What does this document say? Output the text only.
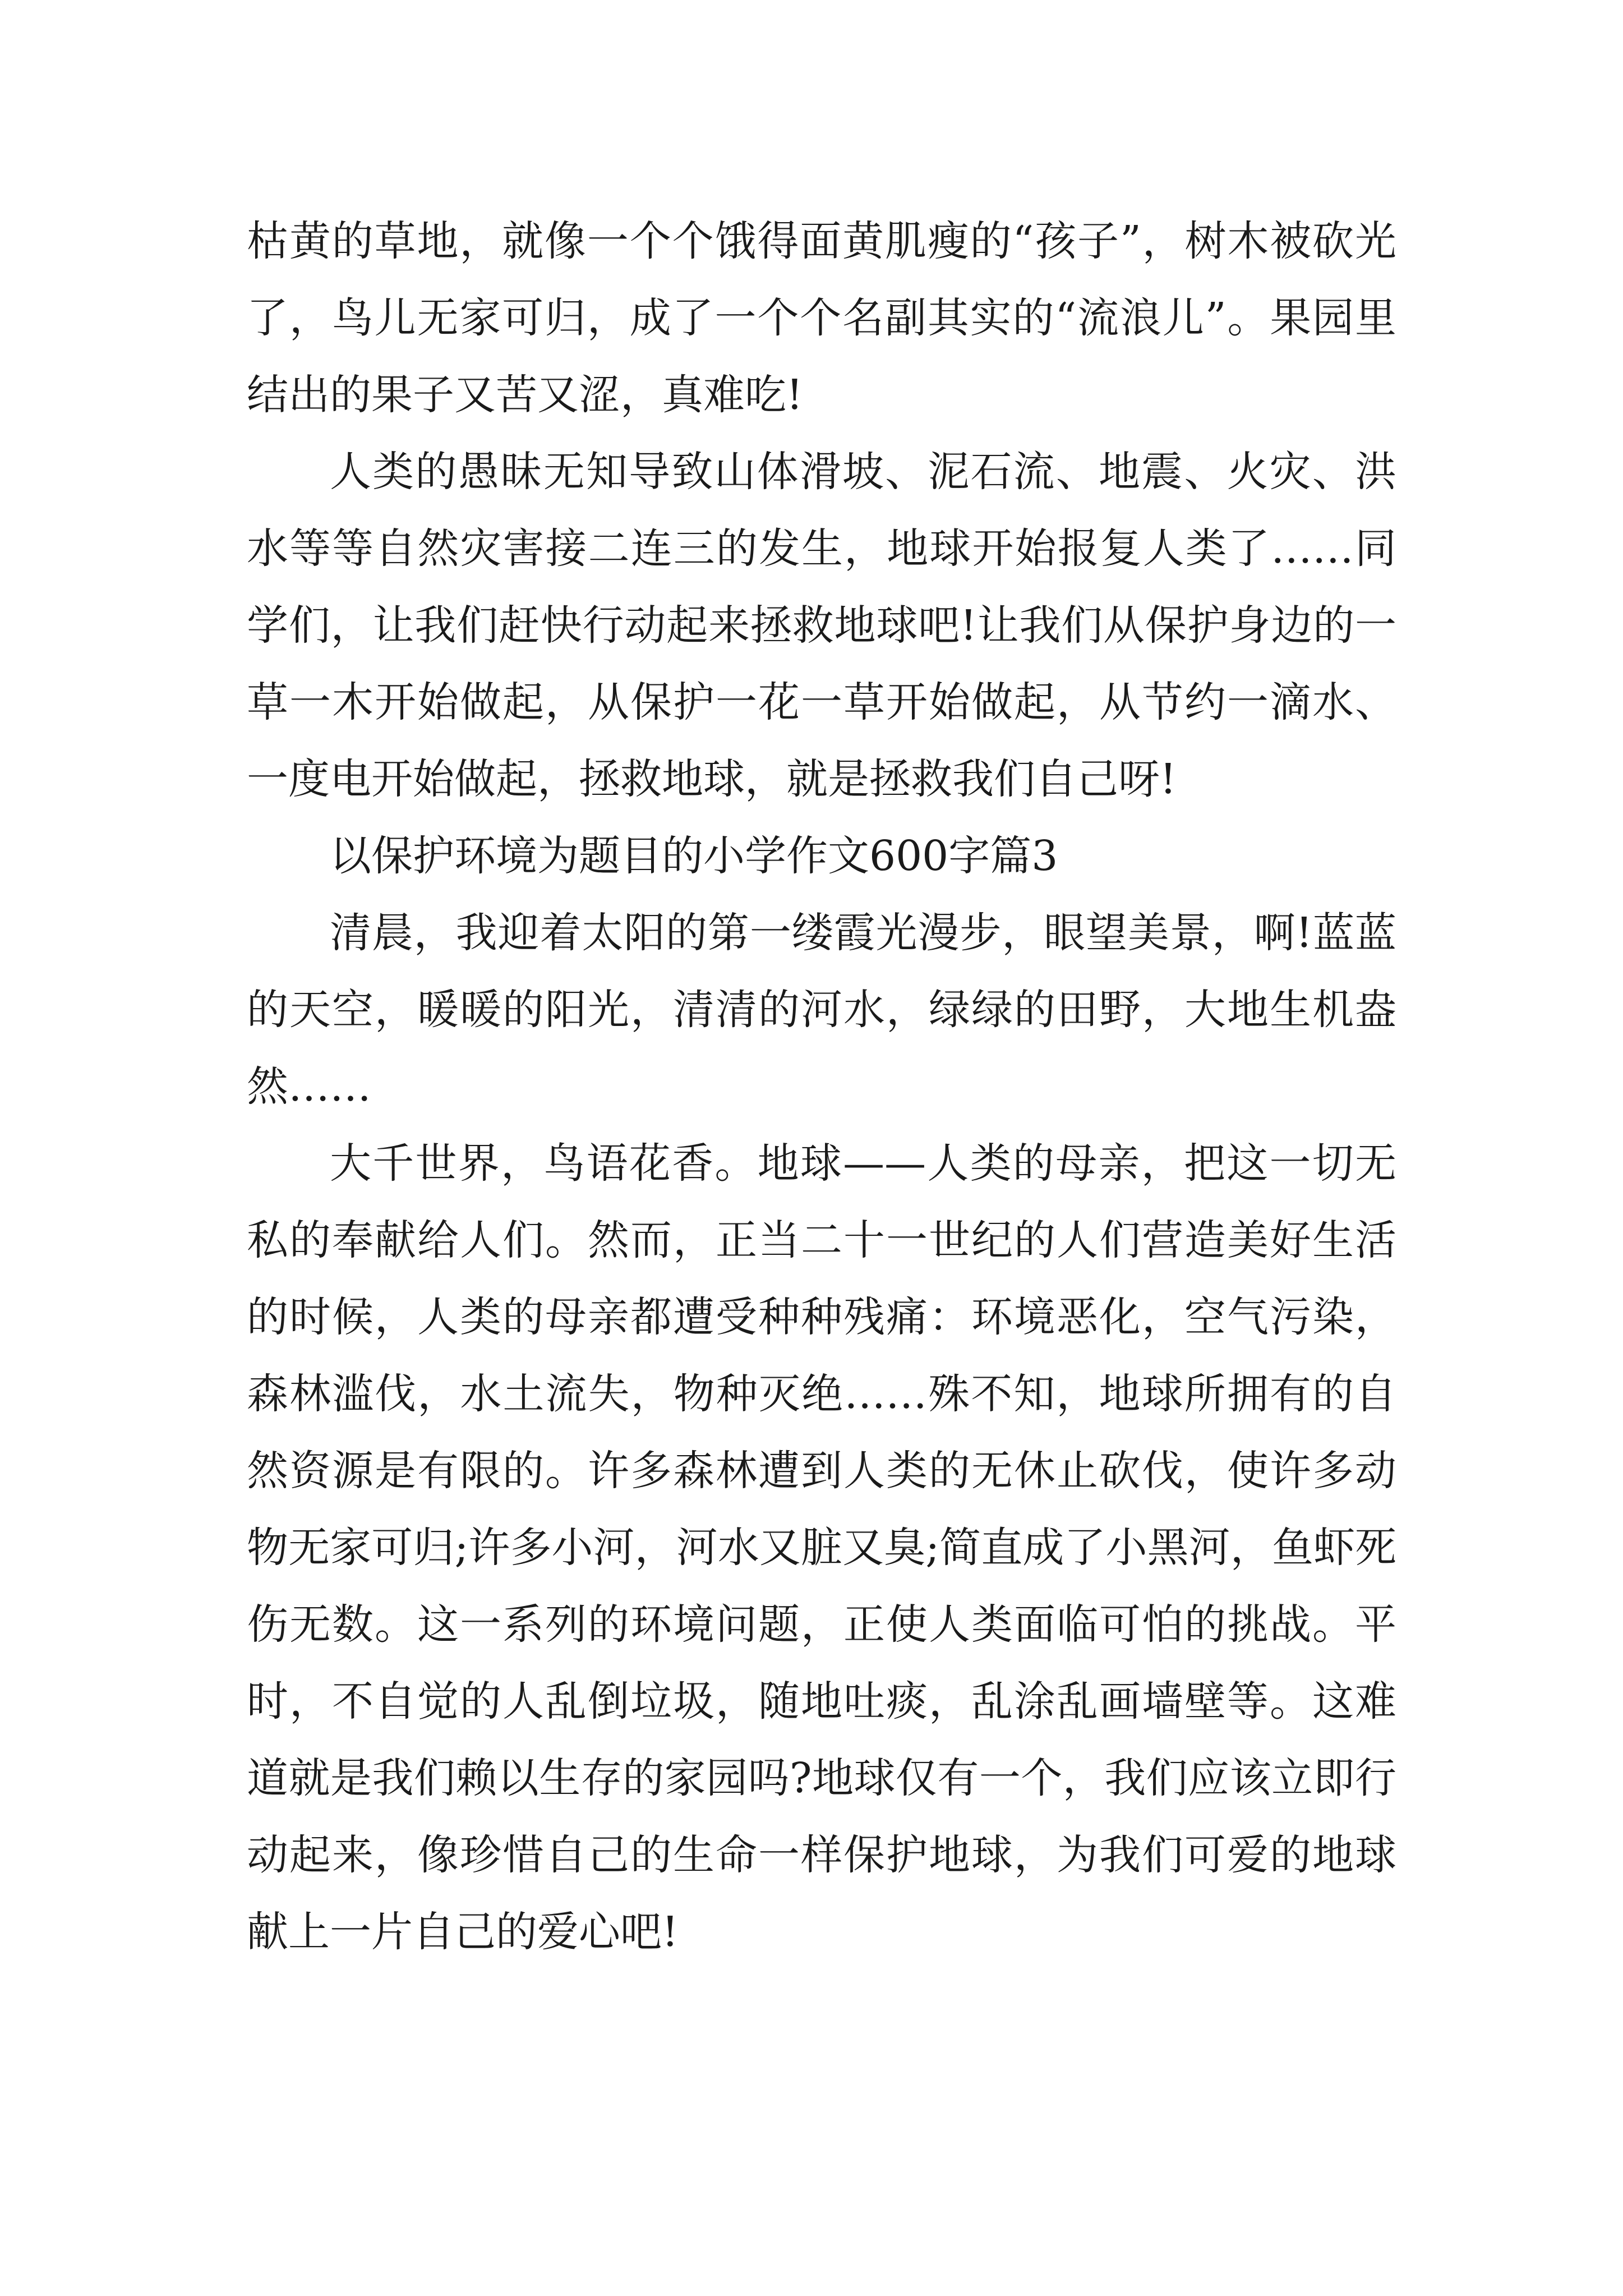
枯黄的草地，就像一个个饿得面黄肌瘦的“孩子”，树木被砍光了，鸟儿无家可归，成了一个个名副其实的“流浪儿”。果园里结出的果子又苦又涩，真难吃!

人类的愚昧无知导致山体滑坡、泥石流、地震、火灾、洪水等等自然灾害接二连三的发生，地球开始报复人类了……同学们，让我们赶快行动起来拯救地球吧!让我们从保护身边的一草一木开始做起，从保护一花一草开始做起，从节约一滴水、一度电开始做起，拯救地球，就是拯救我们自己呀!

以保护环境为题目的小学作文600字篇3

清晨，我迎着太阳的第一缕霞光漫步，眼望美景，啊!蓝蓝的天空，暖暖的阳光，清清的河水，绿绿的田野，大地生机盎然……

大千世界，鸟语花香。地球——人类的母亲，把这一切无私的奉献给人们。然而，正当二十一世纪的人们营造美好生活的时候，人类的母亲都遭受种种残痛：环境恶化，空气污染，森林滥伐，水土流失，物种灭绝……殊不知，地球所拥有的自然资源是有限的。许多森林遭到人类的无休止砍伐，使许多动物无家可归;许多小河，河水又脏又臭;简直成了小黑河，鱼虾死伤无数。这一系列的环境问题，正使人类面临可怕的挑战。平时，不自觉的人乱倒垃圾，随地吐痰，乱涂乱画墙壁等。这难道就是我们赖以生存的家园吗?地球仅有一个，我们应该立即行动起来，像珍惜自己的生命一样保护地球，为我们可爱的地球献上一片自己的爱心吧!
